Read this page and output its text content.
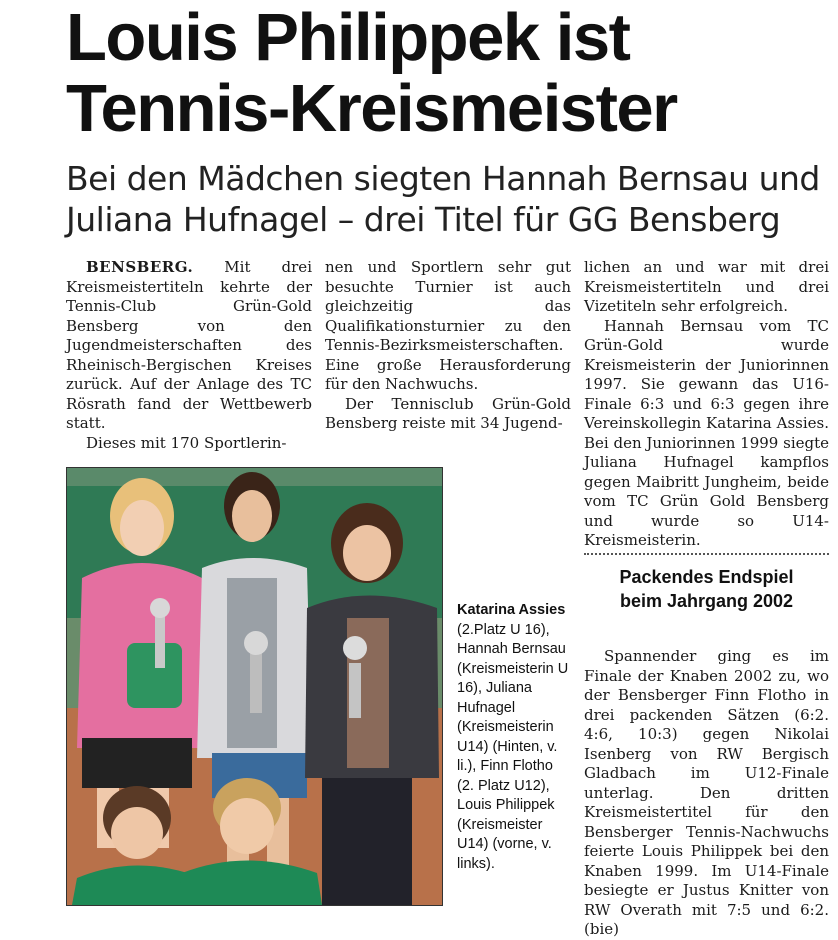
Louis Philippek ist
Tennis-Kreismeister
Bei den Mädchen siegten Hannah Bernsau und
Juliana Hufnagel – drei Titel für GG Bensberg

BENSBERG. Mit drei Kreismeistertiteln kehrte der Tennis-Club Grün-Gold Bensberg von den Jugendmeisterschaften des Rheinisch-Bergischen Kreises zurück. Auf der Anlage des TC Rösrath fand der Wettbewerb statt.

Dieses mit 170 Sportlerin-

nen und Sportlern sehr gut besuchte Turnier ist auch gleichzeitig das Qualifikationsturnier zu den Tennis-Bezirksmeisterschaften. Eine große Herausforderung für den Nachwuchs.

Der Tennisclub Grün-Gold Bensberg reiste mit 34 Jugend-

lichen an und war mit drei Kreismeistertiteln und drei Vizetiteln sehr erfolgreich.

Hannah Bernsau vom TC Grün-Gold wurde Kreismeisterin der Juniorinnen 1997. Sie gewann das U16-Finale 6:3 und 6:3 gegen ihre Vereinskollegin Katarina Assies. Bei den Juniorinnen 1999 siegte Juliana Hufnagel kampflos gegen Maibritt Jungheim, beide vom TC Grün Gold Bensberg und wurde so U14-Kreismeisterin.

Packendes Endspiel
beim Jahrgang 2002

Spannender ging es im Finale der Knaben 2002 zu, wo der Bensberger Finn Flotho in drei packenden Sätzen (6:2. 4:6, 10:3) gegen Nikolai Isenberg von RW Bergisch Gladbach im U12-Finale unterlag. Den dritten Kreismeistertitel für den Bensberger Tennis-Nachwuchs feierte Louis Philippek bei den Knaben 1999. Im U14-Finale besiegte er Justus Knitter von RW Overath mit 7:5 und 6:2. (bie)

Katarina Assies (2.Platz U 16), Hannah Bernsau (Kreismeisterin U 16), Juliana Hufnagel (Kreismeisterin U14) (Hinten, v. li.), Finn Flotho (2. Platz U12), Louis Philippek (Kreismeister U14) (vorne, v. links).
